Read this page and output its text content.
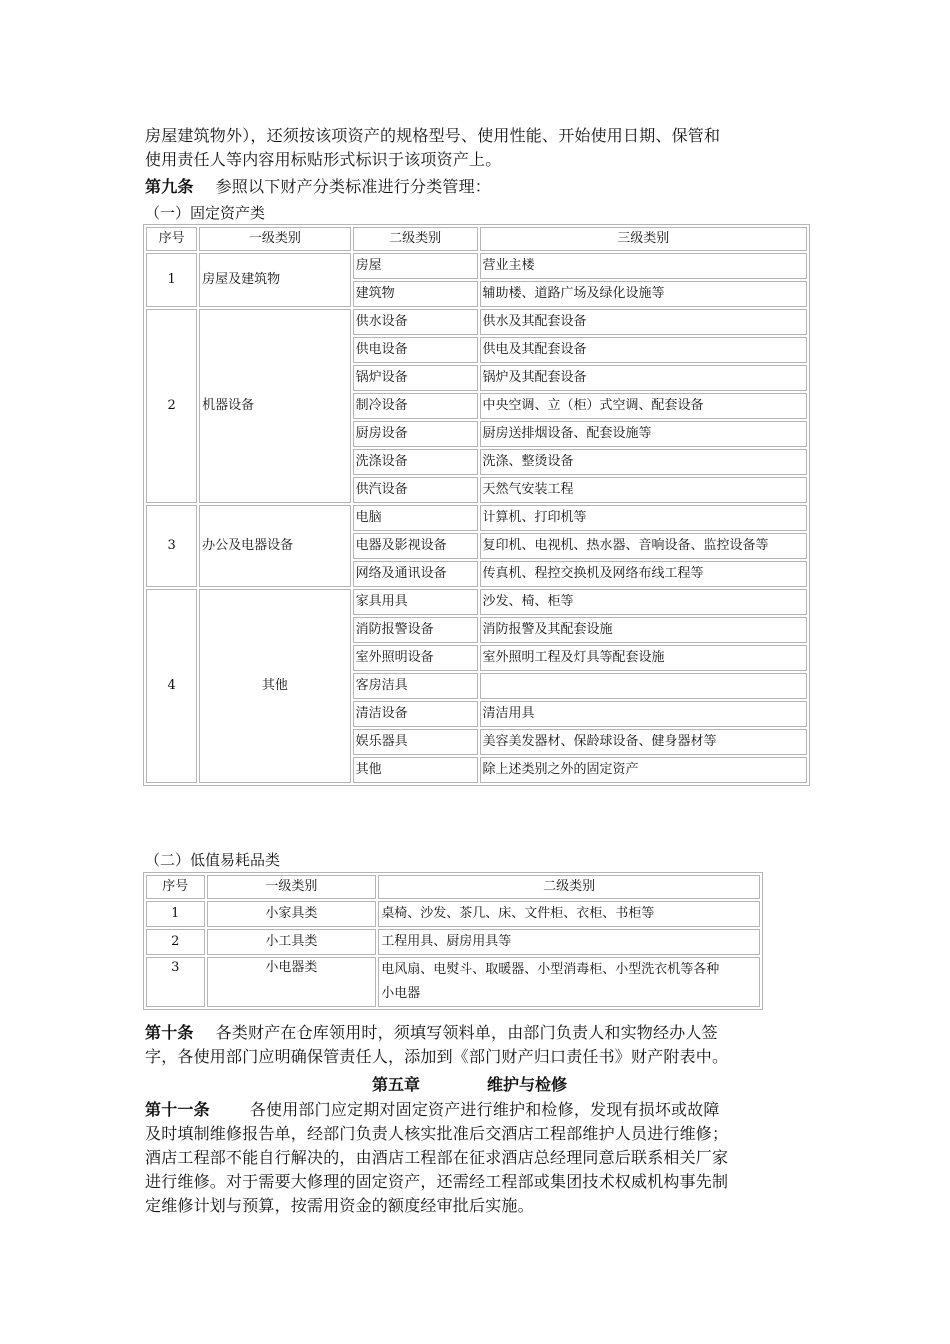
房屋建筑物外），还须按该项资产的规格型号、使用性能、开始使用日期、保管和
使用责任人等内容用标贴形式标识于该项资产上。
第九条 参照以下财产分类标准进行分类管理：
（一）固定资产类
序号	一级类别	二级类别	三级类别
1	房屋及建筑物	房屋	营业主楼
		建筑物	辅助楼、道路广场及绿化设施等
2	机器设备	供水设备	供水及其配套设备
		供电设备	供电及其配套设备
		锅炉设备	锅炉及其配套设备
		制冷设备	中央空调、立（柜）式空调、配套设备
		厨房设备	厨房送排烟设备、配套设施等
		洗涤设备	洗涤、整烫设备
		供汽设备	天然气安装工程
3	办公及电器设备	电脑	计算机、打印机等
		电器及影视设备	复印机、电视机、热水器、音响设备、监控设备等
		网络及通讯设备	传真机、程控交换机及网络布线工程等
4	其他	家具用具	沙发、椅、柜等
		消防报警设备	消防报警及其配套设施
		室外照明设备	室外照明工程及灯具等配套设施
		客房洁具	
		清洁设备	清洁用具
		娱乐器具	美容美发器材、保龄球设备、健身器材等
		其他	除上述类别之外的固定资产
（二）低值易耗品类
序号	一级类别	二级类别
1	小家具类	桌椅、沙发、茶几、床、文件柜、衣柜、书柜等
2	小工具类	工程用具、厨房用具等
3	小电器类	电风扇、电熨斗、取暖器、小型消毒柜、小型洗衣机等各种
小电器
第十条 各类财产在仓库领用时，须填写领料单，由部门负责人和实物经办人签
字，各使用部门应明确保管责任人，添加到《部门财产归口责任书》财产附表中。
第五章	维护与检修
第十一条	各使用部门应定期对固定资产进行维护和检修，发现有损坏或故障
及时填制维修报告单，经部门负责人核实批准后交酒店工程部维护人员进行维修；
酒店工程部不能自行解决的，由酒店工程部在征求酒店总经理同意后联系相关厂家
进行维修。对于需要大修理的固定资产，还需经工程部或集团技术权威机构事先制
定维修计划与预算，按需用资金的额度经审批后实施。
